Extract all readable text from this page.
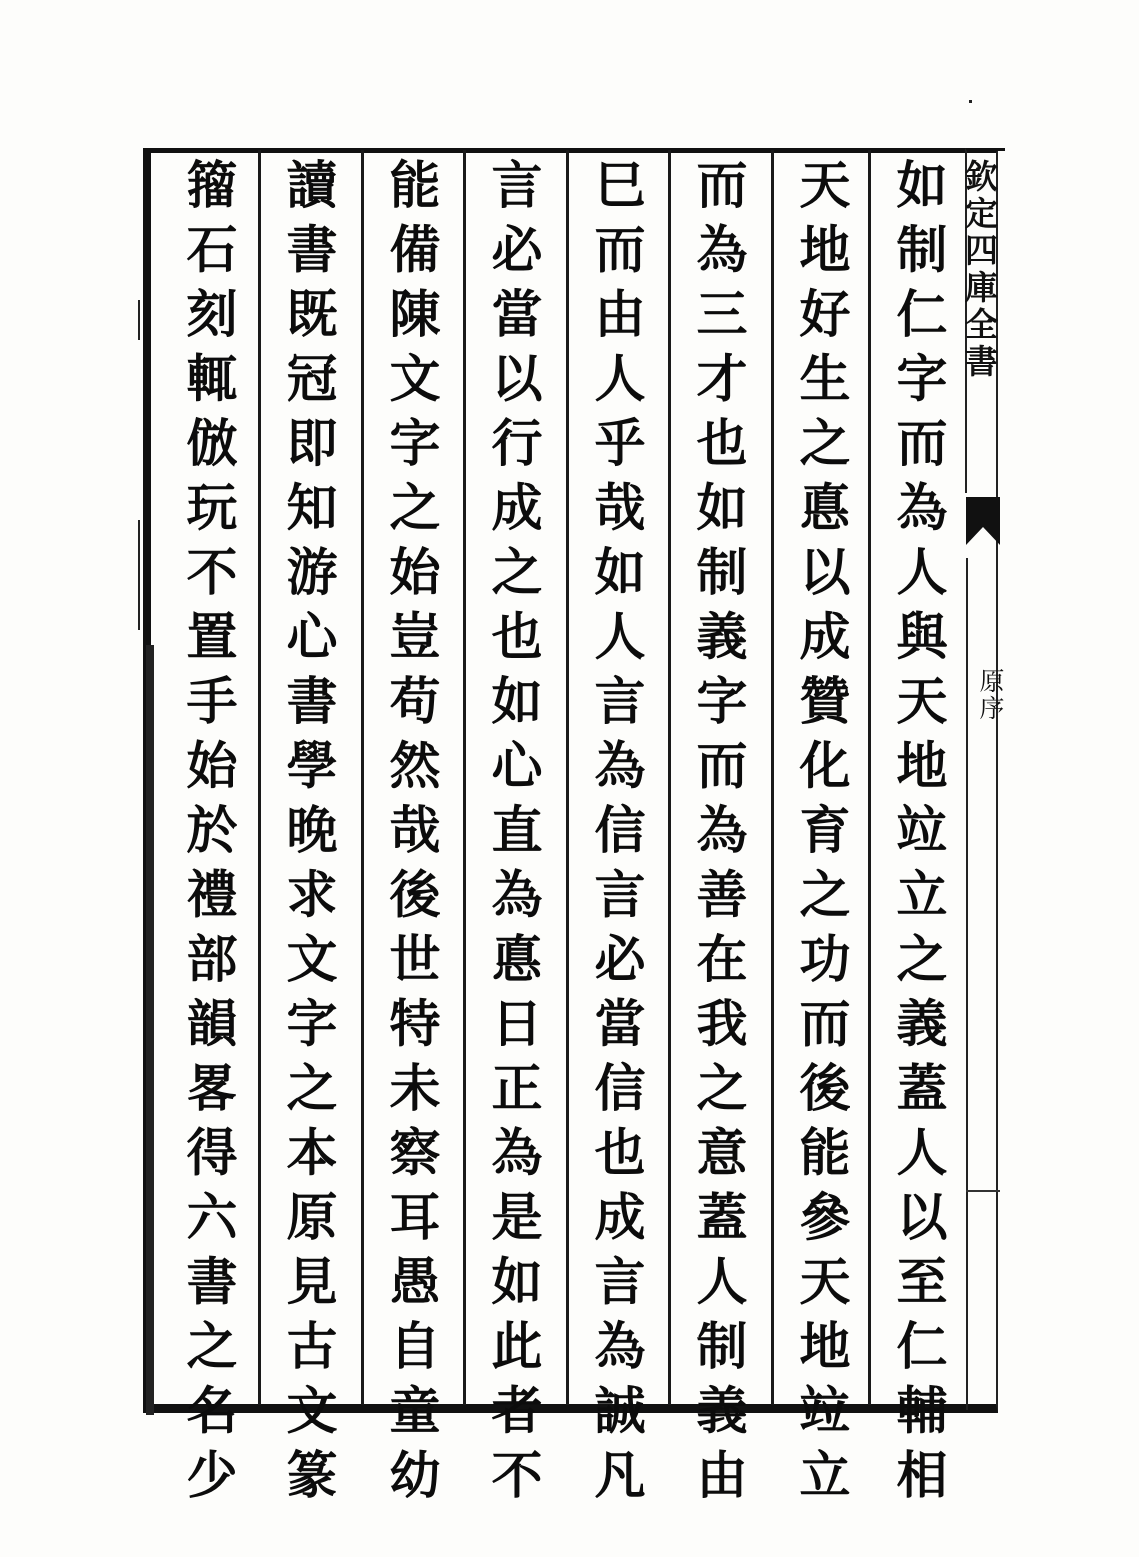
如制仁字而為人與天地竝立之義蓋人以至仁輔相
天地好生之悳以成贊化育之功而後能參天地竝立
而為三才也如制義字而為善在我之意蓋人制義由
巳而由人乎哉如人言為信言必當信也成言為誠凡
言必當以行成之也如心直為悳日正為是如此者不
能備陳文字之始豈苟然哉後世特未察耳愚自童幼
讀書既冠即知游心書學晚求文字之本原見古文篆
籀石刻輒倣玩不置手始於禮部韻畧得六書之名少	欽定四庫全書
原序
